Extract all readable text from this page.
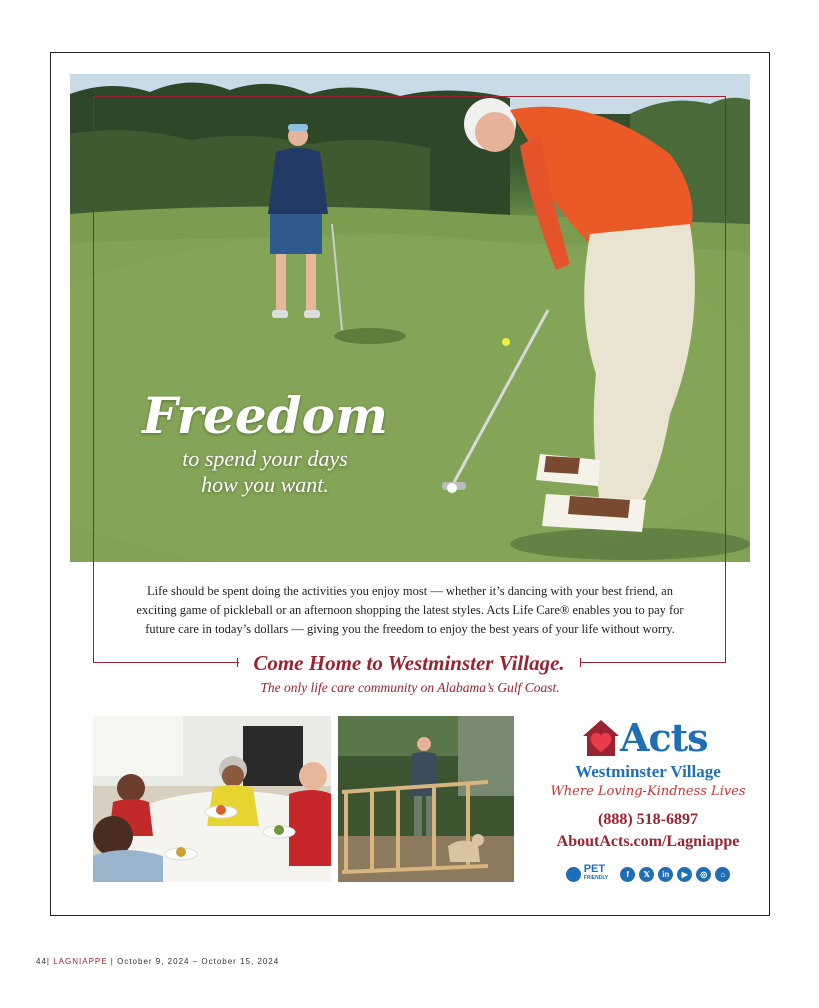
Freedom
to spend your days
how you want.
Life should be spent doing the activities you enjoy most — whether it’s dancing with your best friend, an
exciting game of pickleball or an afternoon shopping the latest styles. Acts Life Care® enables you to pay for
future care in today’s dollars — giving you the freedom to enjoy the best years of your life without worry.
Come Home to Westminster Village.
The only life care community on Alabama’s Gulf Coast.
Acts
Westminster Village
Where Loving-Kindness Lives
(888) 518-6897
AboutActs.com/Lagniappe
🐾 PET
FRIENDLY	f	𝕏	in	▶	◎	⌂
44| LAGNIAPPE | October 9, 2024 – October 15, 2024
